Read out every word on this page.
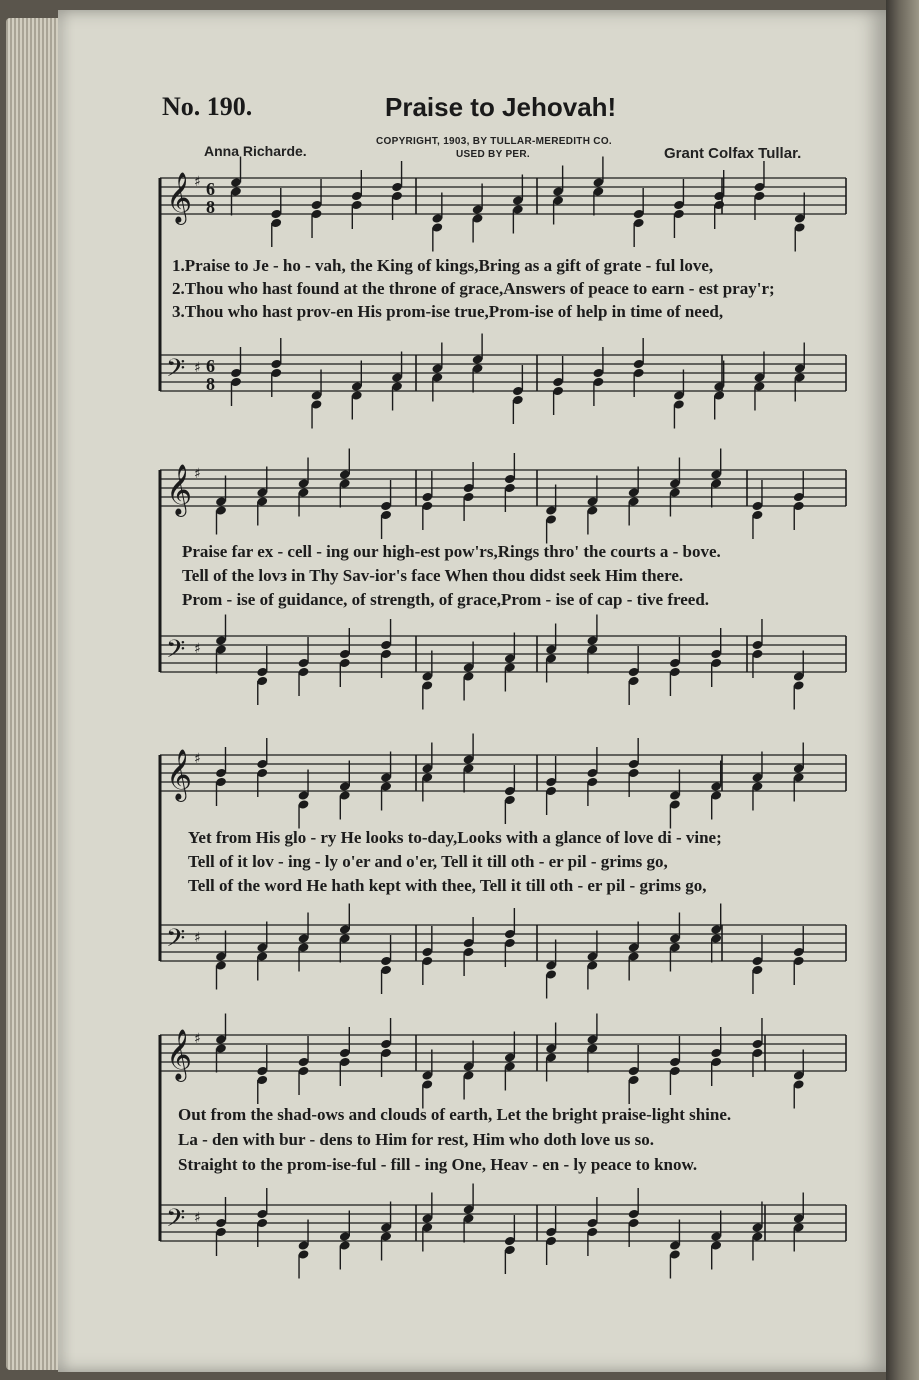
No. 190.	Praise to Jehovah!
Anna Richarde.
COPYRIGHT, 1903, BY TULLAR-MEREDITH CO.
USED BY PER.	Grant Colfax Tullar.
𝄞 ♯ 6
8
𝄢 ♯ 6
8
𝄞 ♯
𝄢 ♯
𝄞 ♯
𝄢 ♯
𝄞 ♯
𝄢 ♯
1.Praise to Je - ho - vah, the King of kings,Bring as a gift of grate - ful love,
2.Thou who hast found at the throne of grace,Answers of peace to earn - est pray'r;
3.Thou who hast prov-en His prom-ise true,Prom-ise of help in time of need,
Praise far ex - cell - ing our high-est pow'rs,Rings thro' the courts a - bove.
Tell of the lovз in Thy Sav-ior's face When thou didst seek Him there.
Prom - ise of guidance, of strength, of grace,Prom - ise of cap - tive freed.
Yet from His glo - ry He looks to-day,Looks with a glance of love di - vine;
Tell of it lov - ing - ly o'er and o'er, Tell it till oth - er pil - grims go,
Tell of the word He hath kept with thee, Tell it till oth - er pil - grims go,
Out from the shad-ows and clouds of earth, Let the bright praise-light shine.
La - den with bur - dens to Him for rest, Him who doth love us so.
Straight to the prom-ise-ful - fill - ing One, Heav - en - ly peace to know.
